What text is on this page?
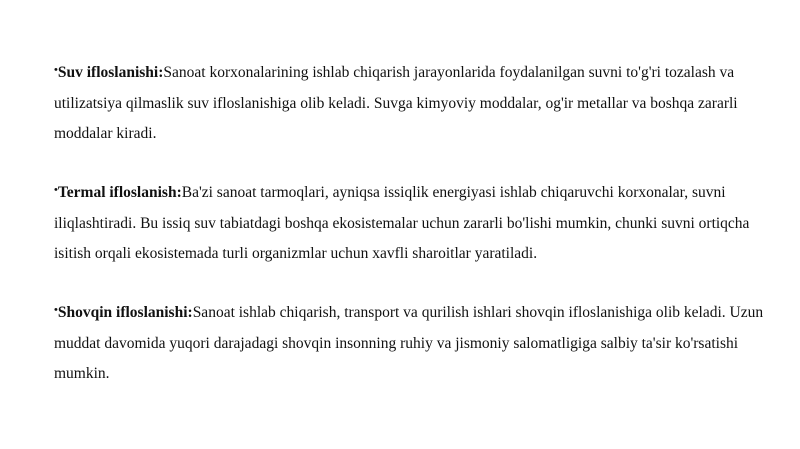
•Suv ifloslanishi:Sanoat korxonalarining ishlab chiqarish jarayonlarida foydalanilgan suvni to'g'ri tozalash va utilizatsiya qilmaslik suv ifloslanishiga olib keladi. Suvga kimyoviy moddalar, og'ir metallar va boshqa zararli moddalar kiradi.

•Termal ifloslanish:Ba'zi sanoat tarmoqlari, ayniqsa issiqlik energiyasi ishlab chiqaruvchi korxonalar, suvni iliqlashtiradi. Bu issiq suv tabiatdagi boshqa ekosistemalar uchun zararli bo'lishi mumkin, chunki suvni ortiqcha isitish orqali ekosistemada turli organizmlar uchun xavfli sharoitlar yaratiladi.

•Shovqin ifloslanishi:Sanoat ishlab chiqarish, transport va qurilish ishlari shovqin ifloslanishiga olib keladi. Uzun muddat davomida yuqori darajadagi shovqin insonning ruhiy va jismoniy salomatligiga salbiy ta'sir ko'rsatishi mumkin.
